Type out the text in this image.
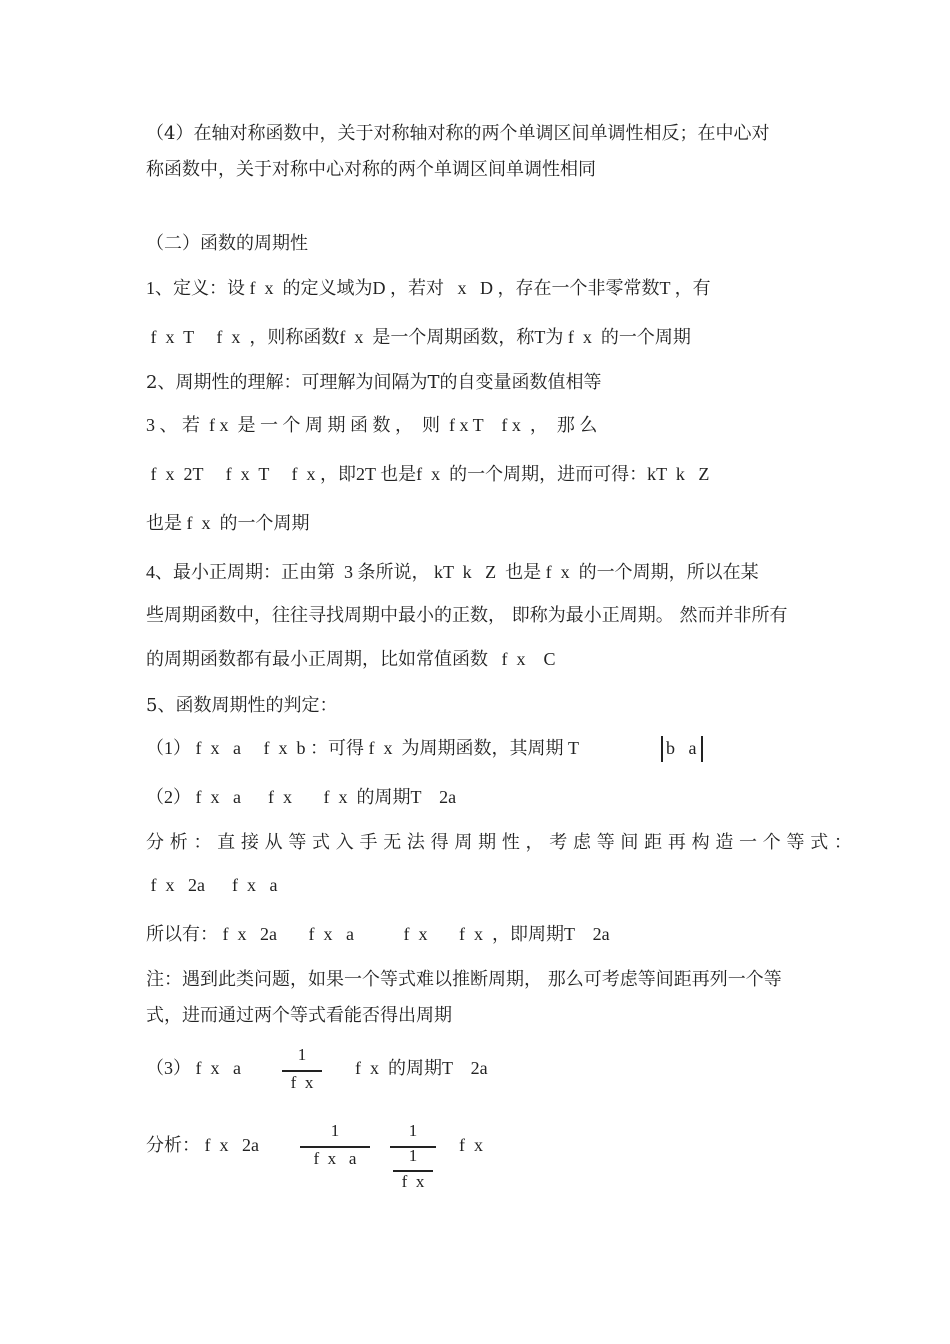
（4）在轴对称函数中，关于对称轴对称的两个单调区间单调性相反；在中心对
称函数中，关于对称中心对称的两个单调区间单调性相同
（二）函数的周期性
1、定义：设 f  x  的定义域为D ，若对   x   D ，存在一个非零常数T ，有
f  x  T     f  x  ，则称函数f  x  是一个周期函数，称T为 f  x  的一个周期
2、周期性的理解：可理解为间隔为T的自变量函数值相等
3 、 若  f x  是 一 个 周 期 函 数 ，  则  f x T    f x  ，  那 么
f  x  2T     f  x  T     f  x ，即2T 也是f  x  的一个周期，进而可得：kT  k   Z
也是 f  x  的一个周期
4、最小正周期：正由第  3 条所说， kT  k   Z  也是 f  x  的一个周期，所以在某
些周期函数中，往往寻找周期中最小的正数， 即称为最小正周期。 然而并非所有
的周期函数都有最小正周期，比如常值函数   f  x    C
5、函数周期性的判定：
（1） f  x   a     f  x  b ：可得 f  x  为周期函数，其周期 T	b   a
（2） f  x   a      f  x       f  x  的周期T    2a
分 析 ： 直 接 从 等 式 入 手 无 法 得 周 期 性 ， 考 虑 等 间 距 再 构 造 一 个 等 式 ：
f  x   2a      f  x   a
所以有： f  x   2a       f  x   a           f  x       f  x  ，即周期T    2a
注：遇到此类问题，如果一个等式难以推断周期， 那么可考虑等间距再列一个等
式，进而通过两个等式看能否得出周期
（3） f  x   a
1
f  x
f  x  的周期T    2a
分析： f  x   2a
1
f  x   a
1
1
f  x
f  x
